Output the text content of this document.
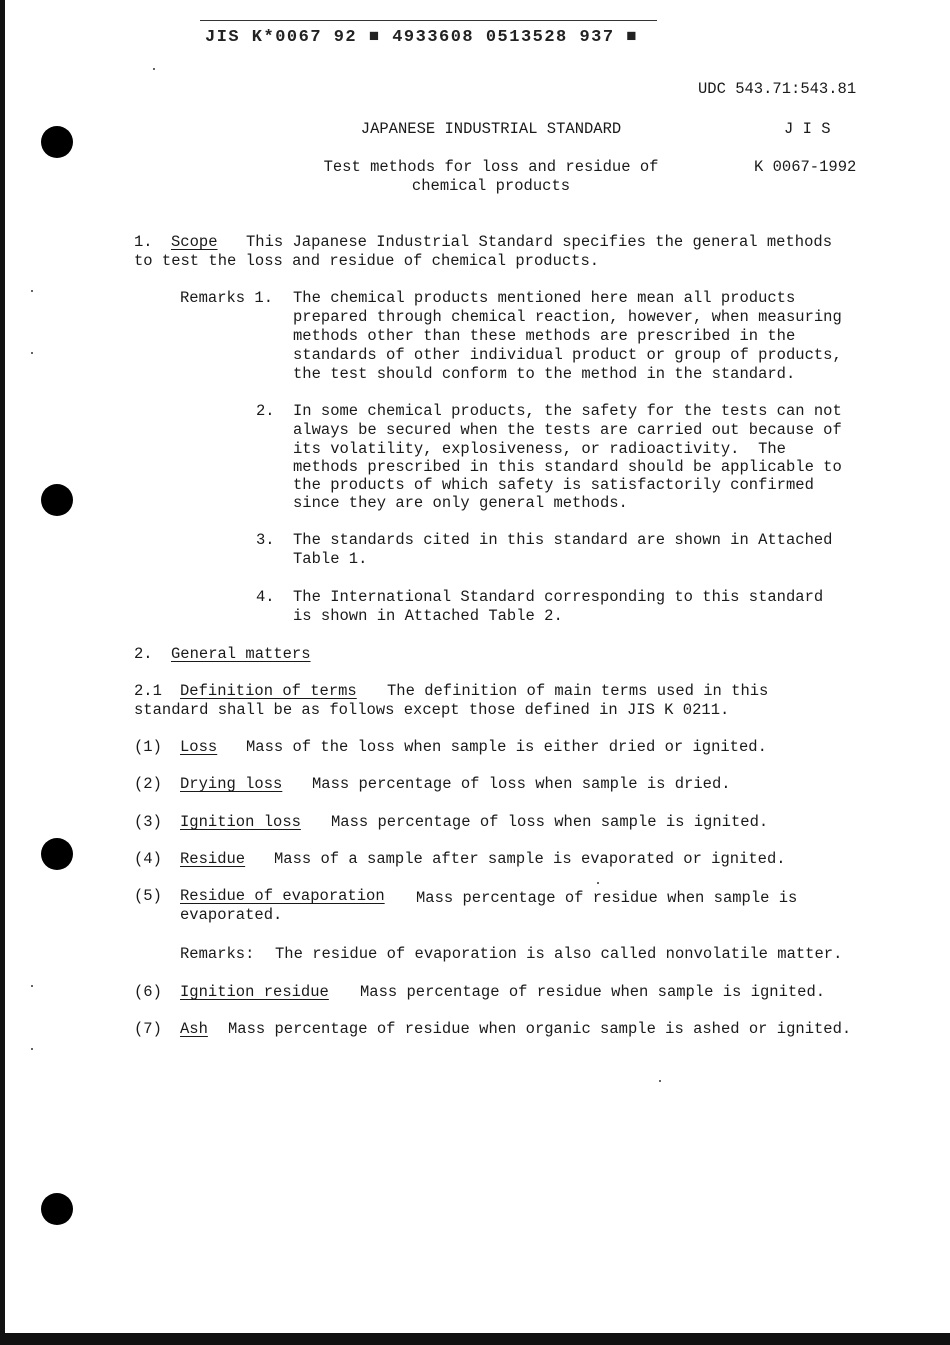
JIS K*0067 92 ■ 4933608 0513528 937 ■
UDC 543.71:543.81
JAPANESE INDUSTRIAL STANDARD	J I S
Test methods for loss and residue of
chemical products
K 0067-1992
1. Scope This Japanese Industrial Standard specifies the general methods
to test the loss and residue of chemical products.
Remarks 1. The chemical products mentioned here mean all products
prepared through chemical reaction, however, when measuring
methods other than these methods are prescribed in the
standards of other individual product or group of products,
the test should conform to the method in the standard.
2. In some chemical products, the safety for the tests can not
always be secured when the tests are carried out because of
its volatility, explosiveness, or radioactivity.  The
methods prescribed in this standard should be applicable to
the products of which safety is satisfactorily confirmed
since they are only general methods.
3. The standards cited in this standard are shown in Attached
Table 1.
4. The International Standard corresponding to this standard
is shown in Attached Table 2.
2. General matters
2.1 Definition of terms The definition of main terms used in this
standard shall be as follows except those defined in JIS K 0211.
(1) Loss Mass of the loss when sample is either dried or ignited.
(2) Drying loss Mass percentage of loss when sample is dried.
(3) Ignition loss Mass percentage of loss when sample is ignited.
(4) Residue Mass of a sample after sample is evaporated or ignited.
(5) Residue of evaporation Mass percentage of residue when sample is
evaporated.
Remarks: The residue of evaporation is also called nonvolatile matter.
(6) Ignition residue Mass percentage of residue when sample is ignited.
(7) Ash Mass percentage of residue when organic sample is ashed or ignited.
